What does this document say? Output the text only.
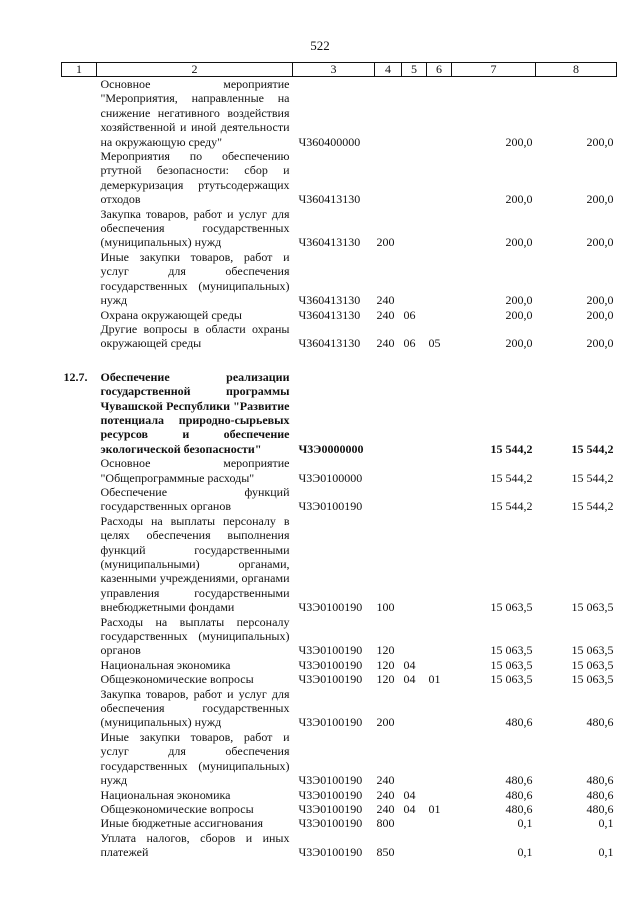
522
1	2	3	4	5	6	7	8
	Основное мероприятие "Мероприятия, направленные на снижение негативного воздействия хозяйственной и иной деятельности на окружающую среду"	Ч360400000				200,0	200,0
	Мероприятия по обеспечению ртутной безопасности: сбор и демеркуризация ртутьсодержащих отходов	Ч360413130				200,0	200,0
	Закупка товаров, работ и услуг для обеспечения государственных (муниципальных) нужд	Ч360413130	200			200,0	200,0
	Иные закупки товаров, работ и услуг для обеспечения государственных (муниципальных) нужд	Ч360413130	240			200,0	200,0
	Охрана окружающей среды	Ч360413130	240	06		200,0	200,0
	Другие вопросы в области охраны окружающей среды	Ч360413130	240	06	05	200,0	200,0

12.7.	Обеспечение реализации государственной программы Чувашской Республики "Развитие потенциала природно-сырьевых ресурсов и обеспечение экологической безопасности"	Ч3Э0000000				15 544,2	15 544,2
	Основное мероприятие "Общепрограммные расходы"	Ч3Э0100000				15 544,2	15 544,2
	Обеспечение функций государственных органов	Ч3Э0100190				15 544,2	15 544,2
	Расходы на выплаты персоналу в целях обеспечения выполнения функций государственными (муниципальными) органами, казенными учреждениями, органами управления государственными внебюджетными фондами	Ч3Э0100190	100			15 063,5	15 063,5
	Расходы на выплаты персоналу государственных (муниципальных) органов	Ч3Э0100190	120			15 063,5	15 063,5
	Национальная экономика	Ч3Э0100190	120	04		15 063,5	15 063,5
	Общеэкономические вопросы	Ч3Э0100190	120	04	01	15 063,5	15 063,5
	Закупка товаров, работ и услуг для обеспечения государственных (муниципальных) нужд	Ч3Э0100190	200			480,6	480,6
	Иные закупки товаров, работ и услуг для обеспечения государственных (муниципальных) нужд	Ч3Э0100190	240			480,6	480,6
	Национальная экономика	Ч3Э0100190	240	04		480,6	480,6
	Общеэкономические вопросы	Ч3Э0100190	240	04	01	480,6	480,6
	Иные бюджетные ассигнования	Ч3Э0100190	800			0,1	0,1
	Уплата налогов, сборов и иных платежей	Ч3Э0100190	850			0,1	0,1
